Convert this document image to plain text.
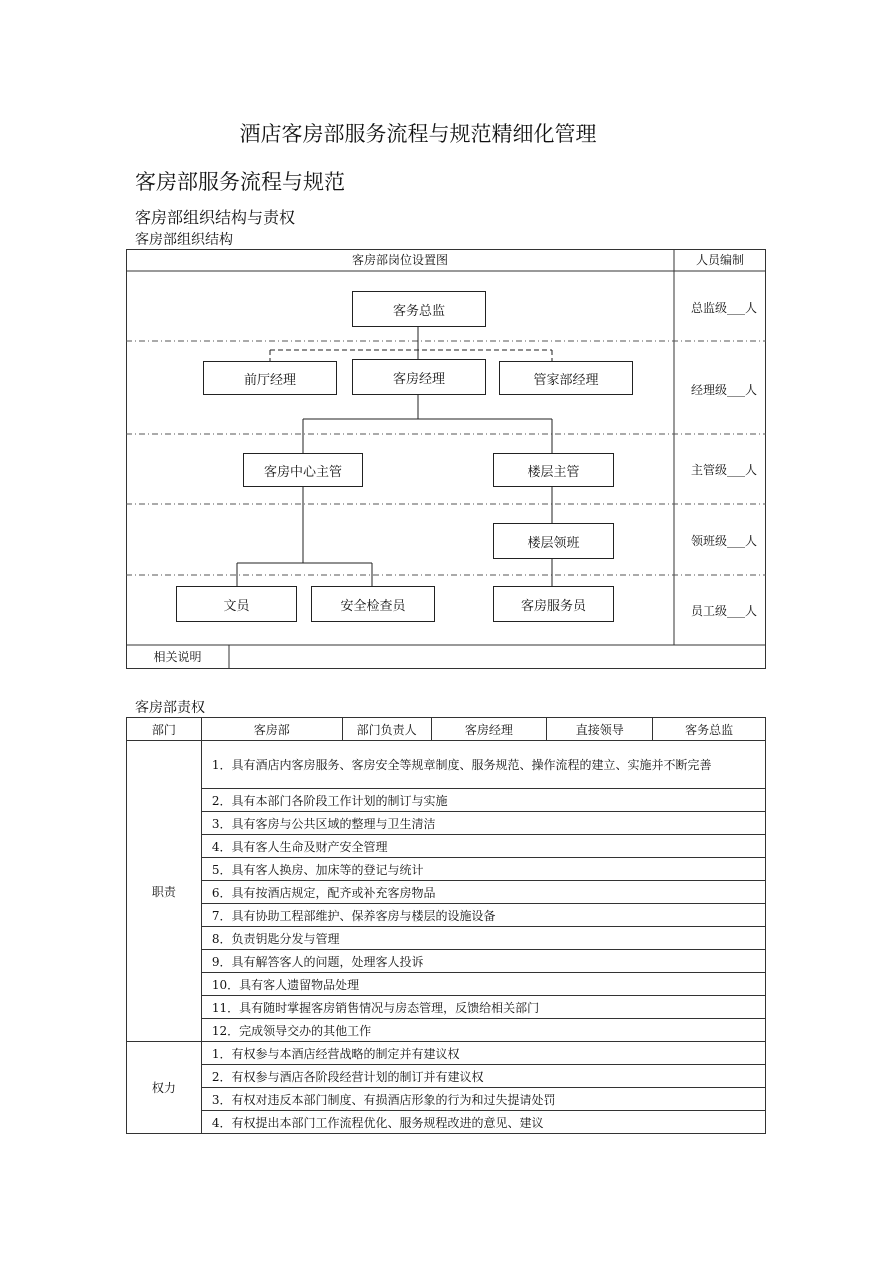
酒店客房部服务流程与规范精细化管理
客房部服务流程与规范
客房部组织结构与责权
客房部组织结构
客房部岗位设置图	人员编制
客务总监
前厅经理	客房经理	管家部经理
客房中心主管	楼层主管
楼层领班
文员	安全检查员	客房服务员
总监级___人
经理级___人
主管级___人
领班级___人
员工级___人
相关说明
客房部责权
部门	客房部	部门负责人	客房经理	直接领导	客务总监
职责	1．具有酒店内客房服务、客房安全等规章制度、服务规范、操作流程的建立、实施并不断完善				
	2．具有本部门各阶段工作计划的制订与实施				
	3．具有客房与公共区域的整理与卫生清洁				
	4．具有客人生命及财产安全管理				
	5．具有客人换房、加床等的登记与统计				
	6．具有按酒店规定，配齐或补充客房物品				
	7．具有协助工程部维护、保养客房与楼层的设施设备				
	8．负责钥匙分发与管理				
	9．具有解答客人的问题，处理客人投诉				
	10．具有客人遗留物品处理				
	11．具有随时掌握客房销售情况与房态管理，反馈给相关部门				
	12．完成领导交办的其他工作				
权力	1．有权参与本酒店经营战略的制定并有建议权				
	2．有权参与酒店各阶段经营计划的制订并有建议权				
	3．有权对违反本部门制度、有损酒店形象的行为和过失提请处罚				
	4．有权提出本部门工作流程优化、服务规程改进的意见、建议				
